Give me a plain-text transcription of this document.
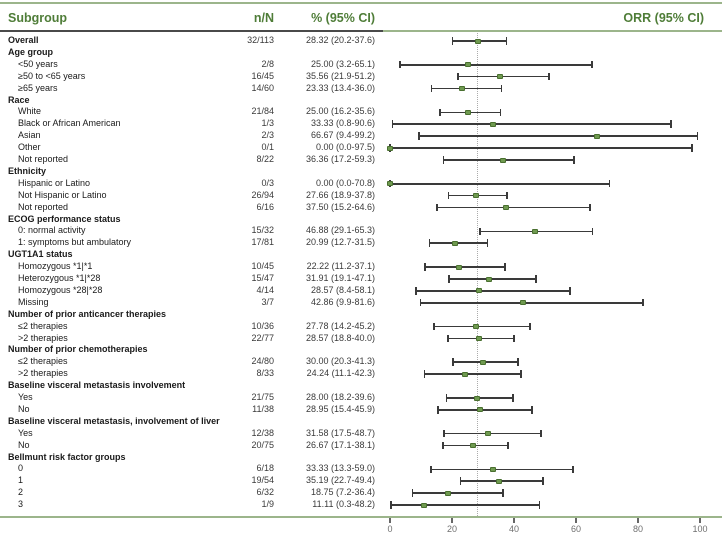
Subgroup	n/N	% (95% CI)	ORR (95% CI)
Overall	32/113	28.32 (20.2-37.6)
Age group
<50 years	2/8	25.00 (3.2-65.1)
≥50 to <65 years	16/45	35.56 (21.9-51.2)
≥65 years	14/60	23.33 (13.4-36.0)
Race
White	21/84	25.00 (16.2-35.6)
Black or African American	1/3	33.33 (0.8-90.6)
Asian	2/3	66.67 (9.4-99.2)
Other	0/1	0.00 (0.0-97.5)
Not reported	8/22	36.36 (17.2-59.3)
Ethnicity
Hispanic or Latino	0/3	0.00 (0.0-70.8)
Not Hispanic or Latino	26/94	27.66 (18.9-37.8)
Not reported	6/16	37.50 (15.2-64.6)
ECOG performance status
0: normal activity	15/32	46.88 (29.1-65.3)
1: symptoms but ambulatory	17/81	20.99 (12.7-31.5)
UGT1A1 status
Homozygous *1|*1	10/45	22.22 (11.2-37.1)
Heterozygous *1|*28	15/47	31.91 (19.1-47.1)
Homozygous *28|*28	4/14	28.57 (8.4-58.1)
Missing	3/7	42.86 (9.9-81.6)
Number of prior anticancer therapies
≤2 therapies	10/36	27.78 (14.2-45.2)
>2 therapies	22/77	28.57 (18.8-40.0)
Number of prior chemotherapies
≤2 therapies	24/80	30.00 (20.3-41.3)
>2 therapies	8/33	24.24 (11.1-42.3)
Baseline visceral metastasis involvement
Yes	21/75	28.00 (18.2-39.6)
No	11/38	28.95 (15.4-45.9)
Baseline visceral metastasis, involvement of liver
Yes	12/38	31.58 (17.5-48.7)
No	20/75	26.67 (17.1-38.1)
Bellmunt risk factor groups
0	6/18	33.33 (13.3-59.0)
1	19/54	35.19 (22.7-49.4)
2	6/32	18.75 (7.2-36.4)
3	1/9	11.11 (0.3-48.2)
0	20	40	60	80	100
